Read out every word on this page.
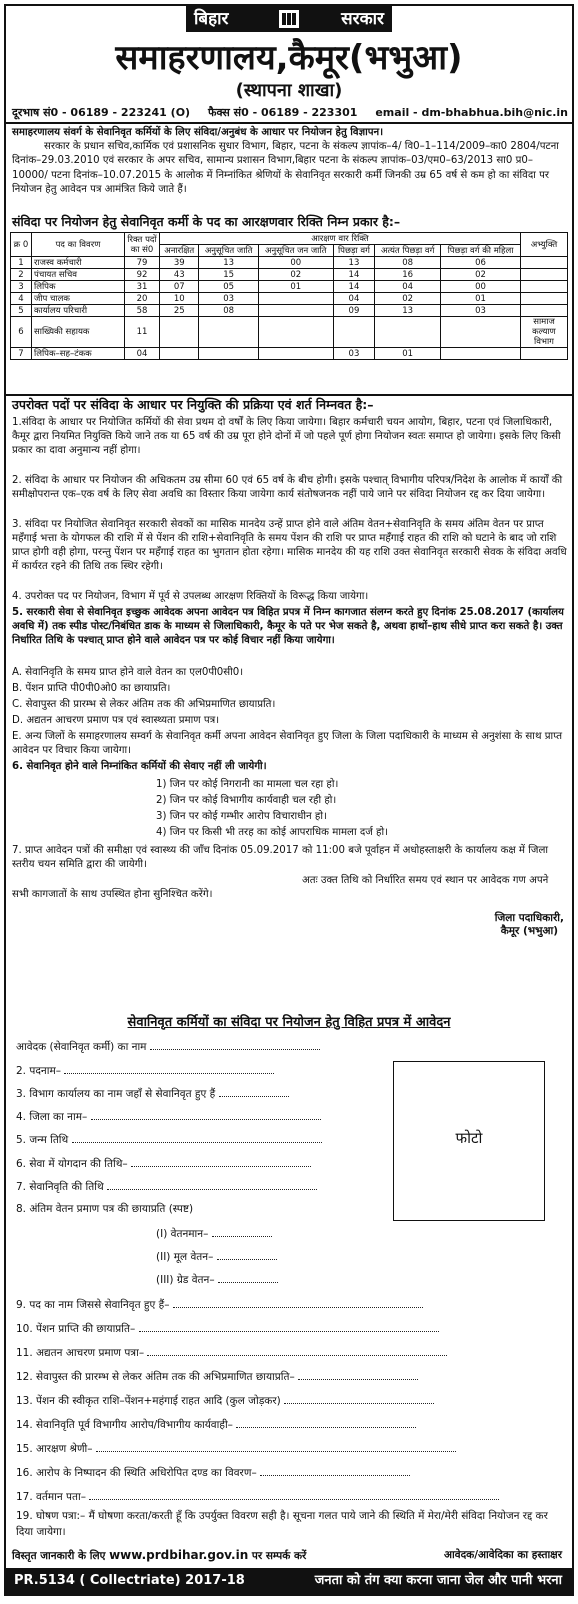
बिहार	सरकार
समाहरणालय,कैमूर(भभुआ)
(स्थापना शाखा)
दूरभाष सं0 - 06189 - 223241 (O) फैक्स सं0 - 06189 - 223301 email - dm-bhabhua.bih@nic.in
समाहरणालय संवर्ग के सेवानिवृत कर्मियों के लिए संविदा/अनुबंध के आधार पर नियोजन हेतु विज्ञापन।
सरकार के प्रधान सचिव,कार्मिक एवं प्रशासनिक सुधार विभाग, बिहार, पटना के संकल्प ज्ञापांक–4/ वि0–1–114/2009–का0 2804/पटना दिनांक–29.03.2010 एवं सरकार के अपर सचिव, सामान्य प्रशासन विभाग,बिहार पटना के संकल्प ज्ञापांक–03/एम0–63/2013 सा0 प्र0–10000/ पटना दिनांक–10.07.2015 के आलोक में निम्नांकित श्रेणियों के सेवानिवृत सरकारी कर्मी जिनकी उम्र 65 वर्ष से कम हो का संविदा पर नियोजन हेतु आवेदन पत्र आमंत्रित किये जाते हैं।
संविदा पर नियोजन हेतु सेवानिवृत कर्मी के पद का आरक्षणवार रिक्ति निम्न प्रकार है:–
क्र 0	पद का विवरण	रिक्त पदों का सं0	आरक्षण वार रिक्ति						अभ्युक्ति
			अनारक्षित	अनुसूचित जाति	अनुसूचित जन जाति	पिछड़ा वर्ग	अत्यंत पिछड़ा वर्ग	पिछड़ा वर्ग की महिला	
1	राजस्व कर्मचारी	79	39	13	00	13	08	06	
2	पंचायत सचिव	92	43	15	02	14	16	02	
3	लिपिक	31	07	05	01	14	04	00	
4	जीप चालक	20	10	03		04	02	01	
5	कार्यालय परिचारी	58	25	08		09	13	03	
6	साख्यिकी सहायक	11							सामाज कल्याण विभाग
7	लिपिक–सह–टंकक	04				03	01		
उपरोक्त पदों पर संविदा के आधार पर नियुक्ति की प्रक्रिया एवं शर्त निम्नवत है:–
1.संविदा के आधार पर नियोजित कर्मियों की सेवा प्रथम दो वर्षों के लिए किया जायेगा। बिहार कर्मचारी चयन आयोग, बिहार, पटना एवं जिलाधिकारी, कैमूर द्वारा नियमित नियुक्ति किये जाने तक या 65 वर्ष की उम्र पूरा होने दोनों में जो पहले पूर्ण होगा नियोजन स्वतः समाप्त हो जायेगा। इसके लिए किसी प्रकार का दावा अनुमान्य नहीं होगा।
2. संविदा के आधार पर नियोजन की अधिकतम उम्र सीमा 60 एवं 65 वर्ष के बीच होगी। इसके पश्चात् विभागीय परिपत्र/निदेश के आलोक में कार्यों की समीक्षोपरान्त एक–एक वर्ष के लिए सेवा अवधि का विस्तार किया जायेगा कार्य संतोषजनक नहीं पाये जाने पर संविदा नियोजन रद्द कर दिया जायेगा।
3. संविदा पर नियोजित सेवानिवृत सरकारी सेवकों का मासिक मानदेय उन्हें प्राप्त होने वाले अंतिम वेतन+सेवानिवृति के समय अंतिम वेतन पर प्राप्त महँगाई भत्ता के योगफल की राशि में से पेंशन की राशि+सेवानिवृति के समय पेंशन की राशि पर प्राप्त महँगाई राहत की राशि को घटाने के बाद जो राशि प्राप्त होगी वही होगा, परन्तु पेंशन पर महँगाई राहत का भुगतान होता रहेगा। मासिक मानदेय की यह राशि उक्त सेवानिवृत सरकारी सेवक के संविदा अवधि में कार्यरत रहने की तिथि तक स्थिर रहेगी।
4. उपरोक्त पद पर नियोजन, विभाग में पूर्व से उपलब्ध आरक्षण रिक्तियों के विरूद्ध किया जायेगा।
5. सरकारी सेवा से सेवानिवृत इच्छुक आवेदक अपना आवेदन पत्र विहित प्रपत्र में निम्न कागजात संलग्न करते हुए दिनांक 25.08.2017 (कार्यालय अवधि में) तक स्पीड पोस्ट/निबंधित डाक के माध्यम से जिलाधिकारी, कैमूर के पते पर भेज सकते है, अथवा हाथों–हाथ सीधे प्राप्त करा सकते है। उक्त निर्धारित तिथि के पश्चात् प्राप्त होने वाले आवेदन पत्र पर कोई विचार नहीं किया जायेगा।
A. सेवानिवृति के समय प्राप्त होने वाले वेतन का एल0पी0सी0।
B. पेंशन प्राप्ति पी0पी0ओ0 का छायाप्रति।
C. सेवापुस्त की प्रारम्भ से लेकर अंतिम तक की अभिप्रमाणित छायाप्रति।
D. अद्यतन आचरण प्रमाण पत्र एवं स्वास्थ्यता प्रमाण पत्र।
E. अन्य जिलों के समाहरणालय सम्वर्ग के सेवानिवृत कर्मी अपना आवेदन सेवानिवृत हुए जिला के जिला पदाधिकारी के माध्यम से अनुशंसा के साथ प्राप्त आवेदन पर विचार किया जायेगा।
6. सेवानिवृत होने वाले निम्नांकित कर्मियों की सेवाए नहीं ली जायेगी।
1) जिन पर कोई निगरानी का मामला चल रहा हो।
2) जिन पर कोई विभागीय कार्यवाही चल रही हो।
3) जिन पर कोई गम्भीर आरोप विचाराधीन हो।
4) जिन पर किसी भी तरह का कोई आपराधिक मामला दर्ज हो।
7. प्राप्त आवेदन पत्रों की समीक्षा एवं स्वास्थ्य की जाँच दिनांक 05.09.2017 को 11:00 बजे पूर्वाहन में अधोहस्ताक्षरी के कार्यालय कक्ष में जिला स्तरीय चयन समिति द्वारा की जायेगी।
अतः उक्त तिथि को निर्धारित समय एवं स्थान पर आवेदक गण अपने सभी कागजातों के साथ उपस्थित होना सुनिश्चित करेंगे।
जिला पदाधिकारी,
कैमूर (भभुआ)
सेवानिवृत कर्मियों का संविदा पर नियोजन हेतु विहित प्रपत्र में आवेदन
फोटो
आवेदक (सेवानिवृत कर्मी) का नाम
2. पदनाम–
3. विभाग कार्यालय का नाम जहाँ से सेवानिवृत हुए हैं
4. जिला का नाम–
5. जन्म तिथि
6. सेवा में योगदान की तिथि–
7. सेवानिवृति की तिथि
8. अंतिम वेतन प्रमाण पत्र की छायाप्रति (स्पष्ट)
(I) वेतनमान–
(II) मूल वेतन–
(III) ग्रेड वेतन–
9. पद का नाम जिससे सेवानिवृत हुए हैं–
10. पेंशन प्राप्ति की छायाप्रति–
11. अद्यतन आचरण प्रमाण पत्रा–
12. सेवापुस्त की प्रारम्भ से लेकर अंतिम तक की अभिप्रमाणित छायाप्रति–
13. पेंशन की स्वीकृत राशि–पेंशन+महंगाई राहत आदि (कुल जोड़कर)
14. सेवानिवृति पूर्व विभागीय आरोप/विभागीय कार्यवाही–
15. आरक्षण श्रेणी–
16. आरोप के निष्पादन की स्थिति अधिरोपित दण्ड का विवरण–
17. वर्तमान पता–
19. घोषण पत्रा:– मैं घोषणा करता/करती हूँ कि उपर्युक्त विवरण सही है। सूचना गलत पाये जाने की स्थिति में मेरा/मेरी संविदा नियोजन रद्द कर दिया जायेगा।
विस्तृत जानकारी के लिए www.prdbihar.gov.in पर सम्पर्क करें	आवेदक/आवेदिका का हस्ताक्षर
PR.5134 ( Collectriate) 2017-18	जनता को तंग क्या करना जाना जेल और पानी भरना
